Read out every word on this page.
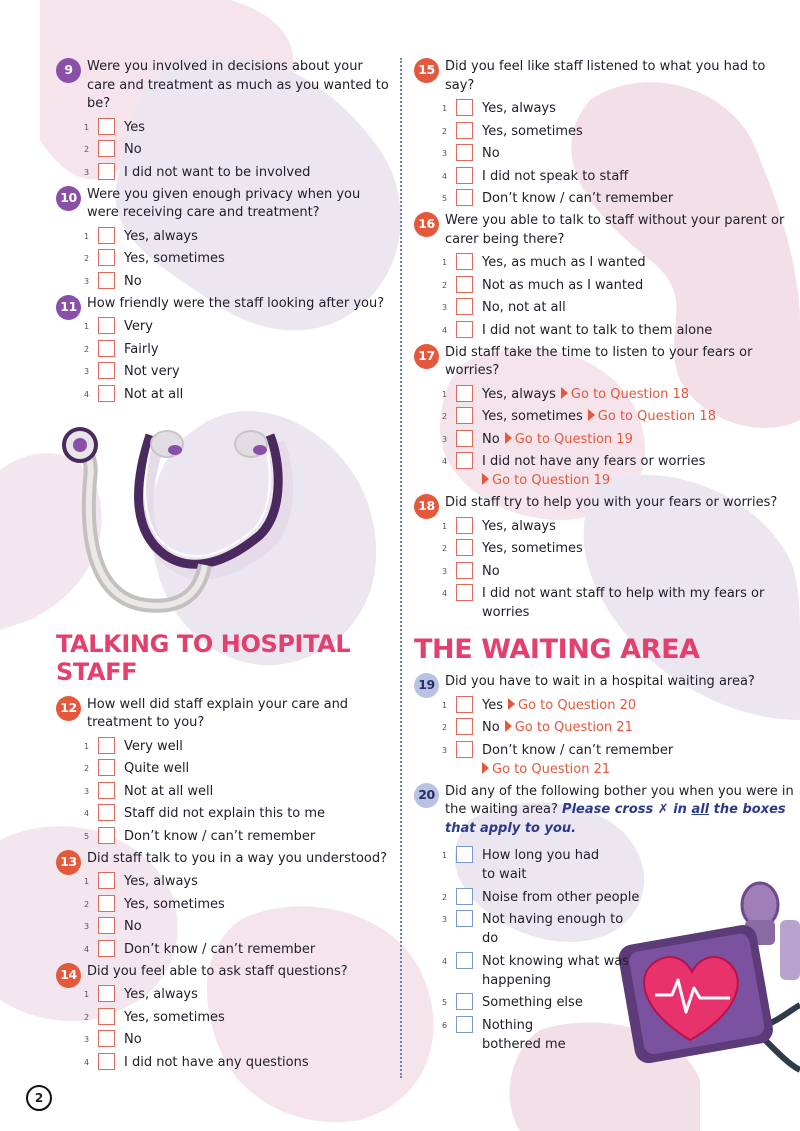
9	Were you involved in decisions about your care and treatment as much as you wanted to be?
1	Yes
2	No
3	I did not want to be involved
10 Were you given enough privacy when you were receiving care and treatment?
1	Yes, always
2	Yes, sometimes
3	No
11 How friendly were the staff looking after you?
1	Very
2	Fairly
3	Not very
4	Not at all
TALKING TO HOSPITAL STAFF
12 How well did staff explain your care and treatment to you?
1	Very well
2	Quite well
3	Not at all well
4	Staff did not explain this to me
5	Don’t know / can’t remember
13 Did staff talk to you in a way you understood?
1	Yes, always
2	Yes, sometimes
3	No
4	Don’t know / can’t remember
14 Did you feel able to ask staff questions?
1	Yes, always
2	Yes, sometimes
3	No
4	I did not have any questions
15 Did you feel like staff listened to what you had to say?
1	Yes, always
2	Yes, sometimes
3	No
4	I did not speak to staff
5	Don’t know / can’t remember
16 Were you able to talk to staff without your parent or carer being there?
1	Yes, as much as I wanted
2	Not as much as I wanted
3	No, not at all
4	I did not want to talk to them alone
17 Did staff take the time to listen to your fears or worries?
1	Yes, always Go to Question 18
2	Yes, sometimes Go to Question 18
3	No Go to Question 19
4	I did not have any fears or worries
Go to Question 19
18 Did staff try to help you with your fears or worries?
1	Yes, always
2	Yes, sometimes
3	No
4	I did not want staff to help with my fears or worries
THE WAITING AREA
19 Did you have to wait in a hospital waiting area?
1	Yes Go to Question 20
2	No Go to Question 21
3	Don’t know / can’t remember
Go to Question 21
20 Did any of the following bother you when you were in the waiting area? Please cross ✗ in all the boxes that apply to you.
1	How long you had to wait
2	Noise from other people
3	Not having enough to do
4	Not knowing what was happening
5	Something else
6	Nothing bothered me
2
